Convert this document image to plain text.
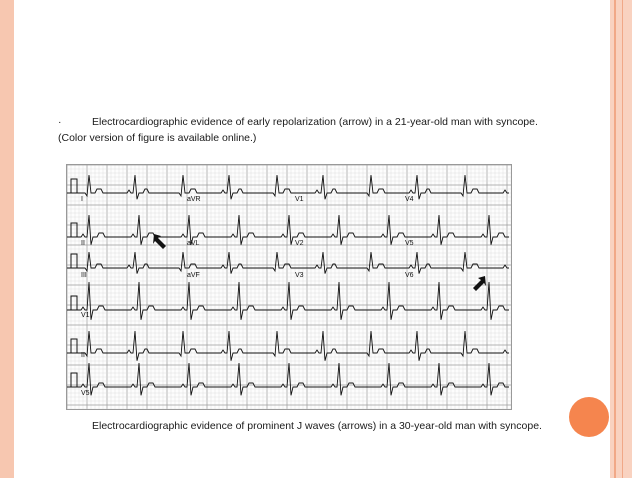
·	Electrocardiographic evidence of early repolarization (arrow) in a 21-year-old man with syncope. (Color version of figure is available online.)
I	aVR	V1	V4
II	aVL	V2	V5
III	aVF	V3	V6
V1
II
V5
Electrocardiographic evidence of prominent J waves (arrows) in a 30-year-old man with syncope.
